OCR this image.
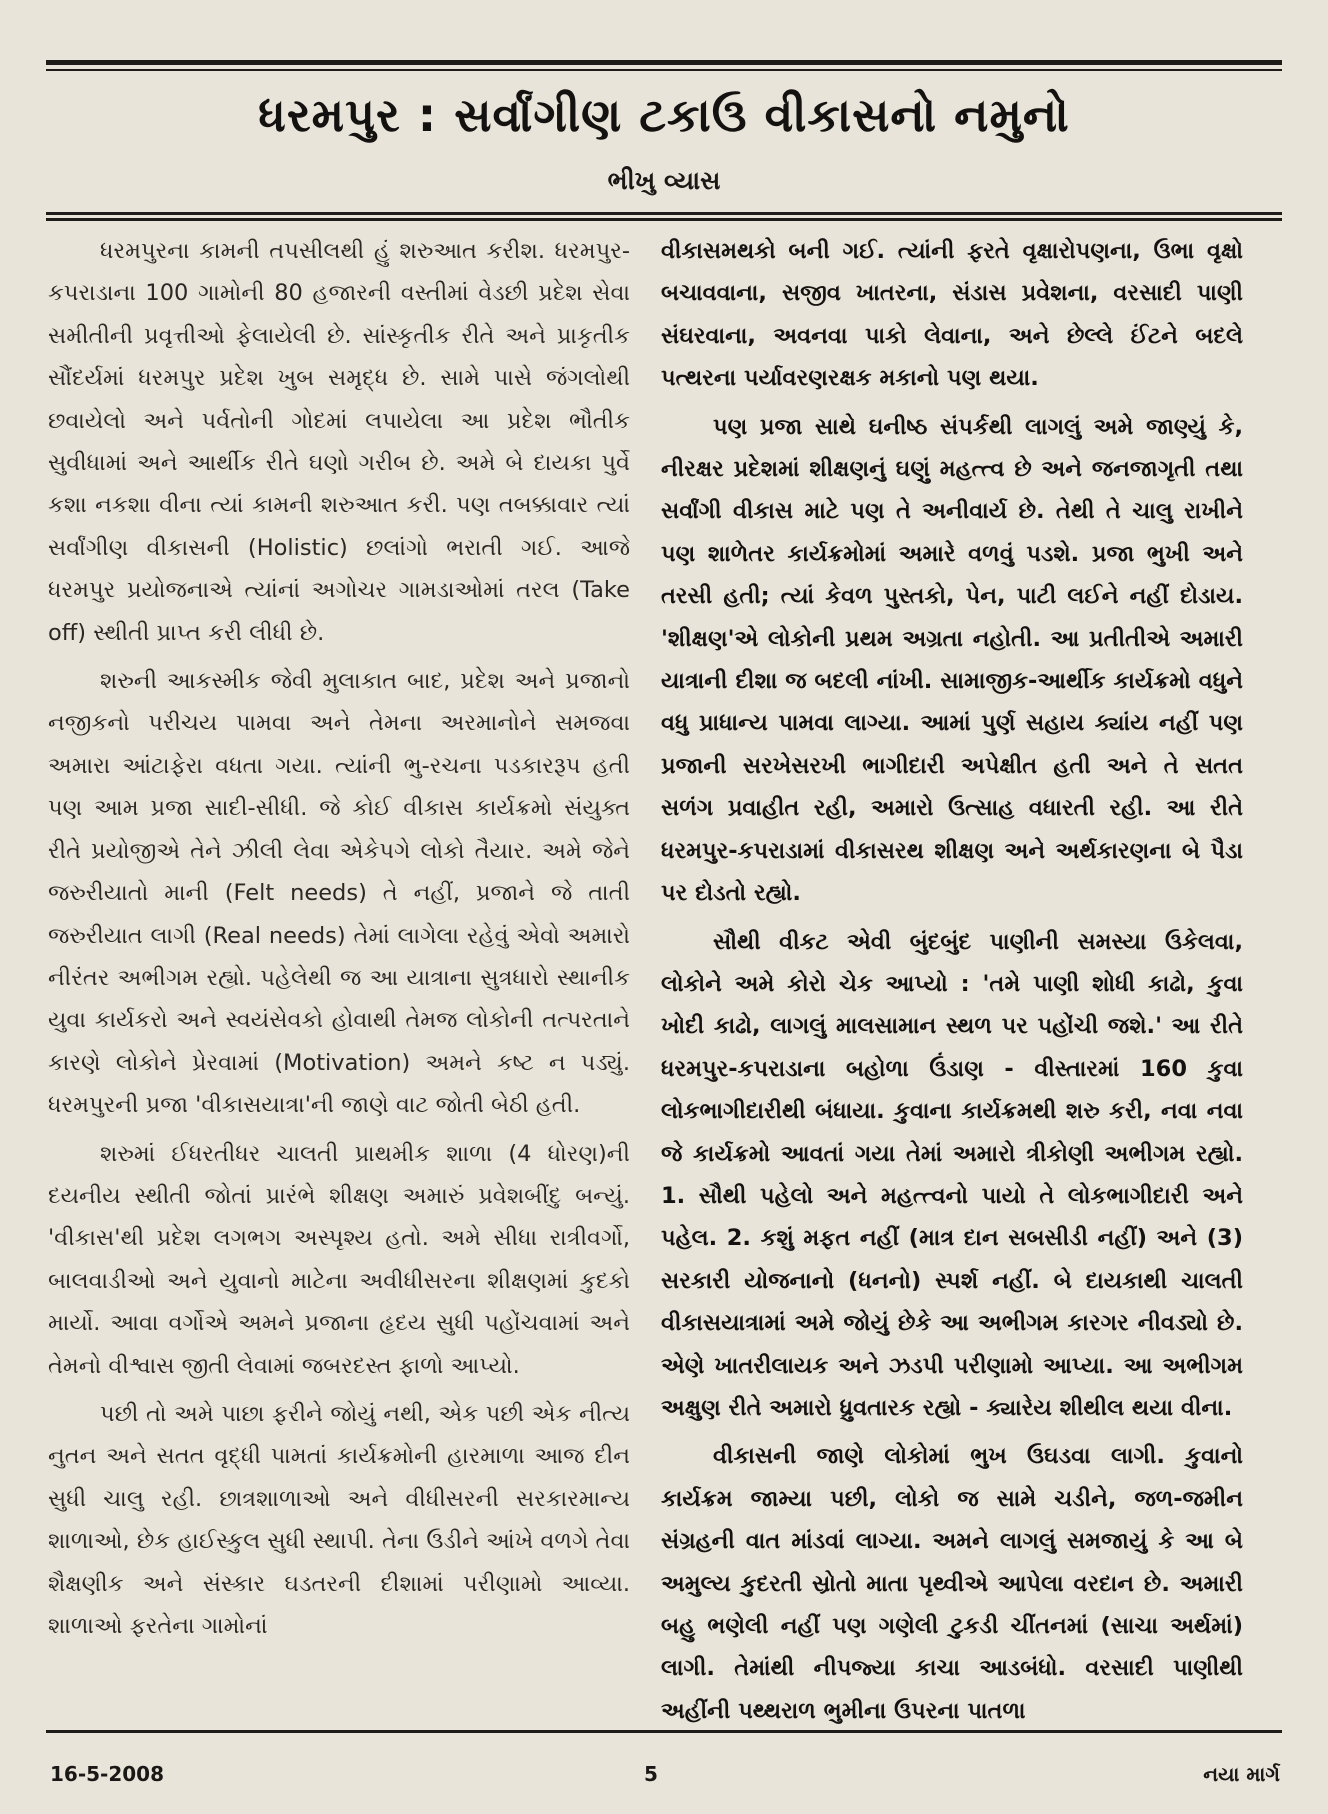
ધરમપુર : સર્વાંગીણ ટકાઉ વીકાસનો નમુનો
ભીખુ વ્યાસ

ધરમપુરના કામની તપસીલથી હું શરુઆત કરીશ. ધરમપુર-કપરાડાના 100 ગામોની 80 હજારની વસ્તીમાં વેડછી પ્રદેશ સેવા સમીતીની પ્રવૃત્તીઓ ફેલાયેલી છે. સાંસ્કૃતીક રીતે અને પ્રાકૃતીક સૌંદર્યમાં ધરમપુર પ્રદેશ ખુબ સમૃદ્ધ છે. સામે પાસે જંગલોથી છવાયેલો અને પર્વતોની ગોદમાં લપાયેલા આ પ્રદેશ ભૌતીક સુવીધામાં અને આર્થીક રીતે ઘણો ગરીબ છે. અમે બે દાયકા પુર્વે કશા નકશા વીના ત્યાં કામની શરુઆત કરી. પણ તબક્કાવાર ત્યાં સર્વાંગીણ વીકાસની (Holistic) છલાંગો ભરાતી ગઈ. આજે ધરમપુર પ્રયોજનાએ ત્યાંનાં અગોચર ગામડાઓમાં તરલ (Take off) સ્થીતી પ્રાપ્ત કરી લીધી છે.

શરુની આકસ્મીક જેવી મુલાકાત બાદ, પ્રદેશ અને પ્રજાનો નજીકનો પરીચય પામવા અને તેમના અરમાનોને સમજવા અમારા આંટાફેરા વધતા ગયા. ત્યાંની ભુ-રચના પડકારરૂપ હતી પણ આમ પ્રજા સાદી-સીધી. જે કોઈ વીકાસ કાર્યક્રમો સંયુક્ત રીતે પ્રયોજીએ તેને ઝીલી લેવા એકેપગે લોકો તૈયાર. અમે જેને જરુરીયાતો માની (Felt needs) તે નહીં, પ્રજાને જે તાતી જરુરીયાત લાગી (Real needs) તેમાં લાગેલા રહેવું એવો અમારો નીરંતર અભીગમ રહ્યો. પહેલેથી જ આ યાત્રાના સુત્રધારો સ્થાનીક યુવા કાર્યકરો અને સ્વયંસેવકો હોવાથી તેમજ લોકોની તત્પરતાને કારણે લોકોને પ્રેરવામાં (Motivation) અમને કષ્ટ ન પડ્યું. ધરમપુરની પ્રજા 'વીકાસયાત્રા'ની જાણે વાટ જોતી બેઠી હતી.

શરુમાં ઈધરતીધર ચાલતી પ્રાથમીક શાળા (4 ધોરણ)ની દયનીય સ્થીતી જોતાં પ્રારંભે શીક્ષણ અમારું પ્રવેશબીંદુ બન્યું. 'વીકાસ'થી પ્રદેશ લગભગ અસ્પૃશ્ય હતો. અમે સીધા રાત્રીવર્ગો, બાલવાડીઓ અને યુવાનો માટેના અવીધીસરના શીક્ષણમાં કુદકો માર્યો. આવા વર્ગોએ અમને પ્રજાના હૃદય સુધી પહોંચવામાં અને તેમનો વીશ્વાસ જીતી લેવામાં જબરદસ્ત ફાળો આપ્યો.

પછી તો અમે પાછા ફરીને જોયું નથી, એક પછી એક નીત્ય નુતન અને સતત વૃદ્ધી પામતાં કાર્યક્રમોની હારમાળા આજ દીન સુધી ચાલુ રહી. છાત્રશાળાઓ અને વીધીસરની સરકારમાન્ય શાળાઓ, છેક હાઈસ્કુલ સુધી સ્થાપી. તેના ઉડીને આંખે વળગે તેવા શૈક્ષણીક અને સંસ્કાર ઘડતરની દીશામાં પરીણામો આવ્યા. શાળાઓ ફરતેના ગામોનાં

વીકાસમથકો બની ગઈ. ત્યાંની ફરતે વૃક્ષારોપણના, ઉભા વૃક્ષો બચાવવાના, સજીવ ખાતરના, સંડાસ પ્રવેશના, વરસાદી પાણી સંઘરવાના, અવનવા પાકો લેવાના, અને છેલ્લે ઈંટને બદલે પત્થરના પર્યાવરણરક્ષક મકાનો પણ થયા.

પણ પ્રજા સાથે ઘનીષ્ઠ સંપર્કથી લાગલું અમે જાણ્યું કે, નીરક્ષર પ્રદેશમાં શીક્ષણનું ઘણું મહત્ત્વ છે અને જનજાગૃતી તથા સર્વાંગી વીકાસ માટે પણ તે અનીવાર્ય છે. તેથી તે ચાલુ રાખીને પણ શાળેતર કાર્યક્રમોમાં અમારે વળવું પડશે. પ્રજા ભુખી અને તરસી હતી; ત્યાં કેવળ પુસ્તકો, પેન, પાટી લઈને નહીં દોડાય. 'શીક્ષણ'એ લોકોની પ્રથમ અગ્રતા નહોતી. આ પ્રતીતીએ અમારી યાત્રાની દીશા જ બદલી નાંખી. સામાજીક-આર્થીક કાર્યક્રમો વધુને વધુ પ્રાધાન્ય પામવા લાગ્યા. આમાં પુર્ણ સહાય ક્યાંય નહીં પણ પ્રજાની સરખેસરખી ભાગીદારી અપેક્ષીત હતી અને તે સતત સળંગ પ્રવાહીત રહી, અમારો ઉત્સાહ વધારતી રહી. આ રીતે ધરમપુર-કપરાડામાં વીકાસરથ શીક્ષણ અને અર્થકારણના બે પૈડા પર દોડતો રહ્યો.

સૌથી વીકટ એવી બુંદબુંદ પાણીની સમસ્યા ઉકેલવા, લોકોને અમે કોરો ચેક આપ્યો : 'તમે પાણી શોધી કાઢો, કુવા ખોદી કાઢો, લાગલું માલસામાન સ્થળ પર પહોંચી જશે.' આ રીતે ધરમપુર-કપરાડાના બહોળા ઉંડાણ - વીસ્તારમાં 160 કુવા લોકભાગીદારીથી બંધાયા. કુવાના કાર્યક્રમથી શરુ કરી, નવા નવા જે કાર્યક્રમો આવતાં ગયા તેમાં અમારો ત્રીકોણી અભીગમ રહ્યો. 1. સૌથી પહેલો અને મહત્ત્વનો પાયો તે લોકભાગીદારી અને પહેલ. 2. કશું મફત નહીં (માત્ર દાન સબસીડી નહીં) અને (3) સરકારી યોજનાનો (ધનનો) સ્પર્શ નહીં. બે દાયકાથી ચાલતી વીકાસયાત્રામાં અમે જોયું છેકે આ અભીગમ કારગર નીવડ્યો છે. એણે ખાતરીલાયક અને ઝડપી પરીણામો આપ્યા. આ અભીગમ અક્ષુણ રીતે અમારો ધ્રુવતારક રહ્યો - ક્યારેય શીથીલ થયા વીના.

વીકાસની જાણે લોકોમાં ભુખ ઉઘડવા લાગી. કુવાનો કાર્યક્રમ જામ્યા પછી, લોકો જ સામે ચડીને, જળ-જમીન સંગ્રહની વાત માંડવાં લાગ્યા. અમને લાગલું સમજાયું કે આ બે અમુલ્ય કુદરતી સ્રોતો માતા પૃથ્વીએ આપેલા વરદાન છે. અમારી બહુ ભણેલી નહીં પણ ગણેલી ટુકડી ચીંતનમાં (સાચા અર્થમાં) લાગી. તેમાંથી નીપજ્યા કાચા આડબંધો. વરસાદી પાણીથી અહીંની પથ્થરાળ ભુમીના ઉપરના પાતળા

16-5-2008	5	નયા માર્ગ
